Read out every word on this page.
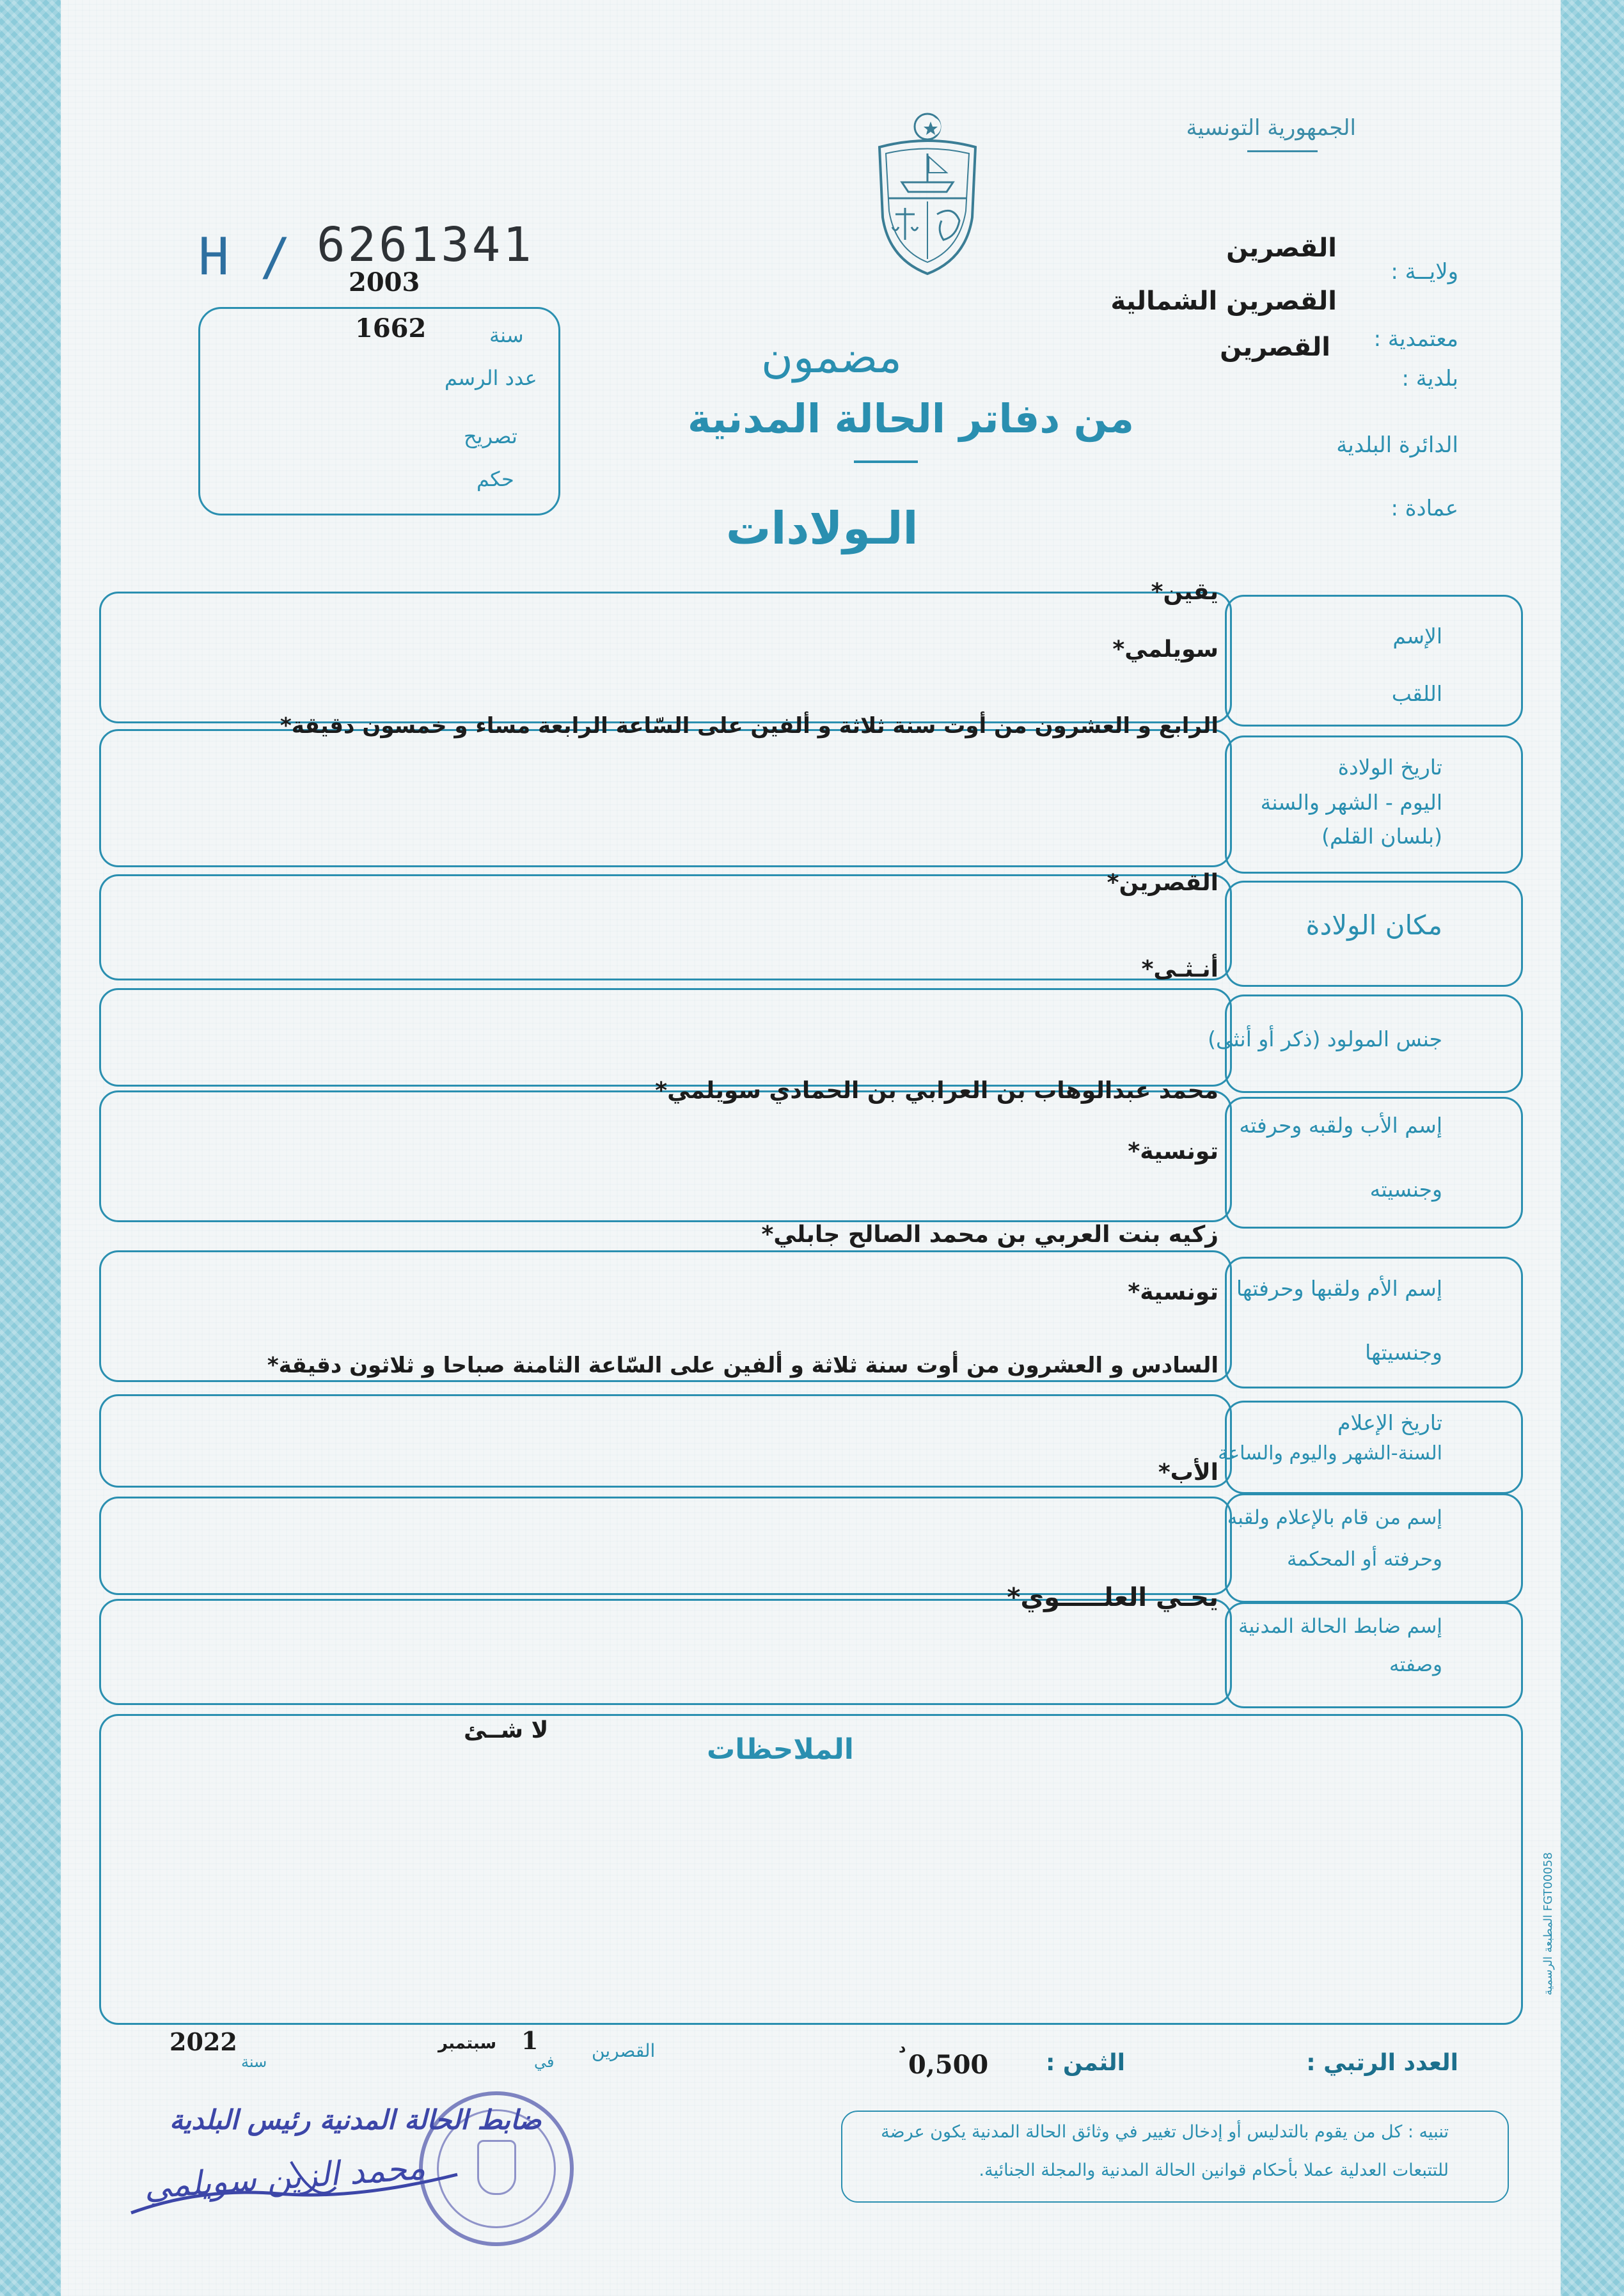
الجمهورية التونسية
ولايــة :
القصرين
القصرين الشمالية
معتمدية :
القصرين
بلدية :
الدائرة البلدية
عمادة :
H / 6261341
2003
سنة
1662
عدد الرسم
تصريح
حكم
مضمون
من دفاتر الحالة المدنية
الـولادات
الإسم
اللقب
يقين*
سويلمي*
تاريخ الولادة
اليوم - الشهر والسنة
(بلسان القلم)
الرابع و العشرون من أوت سنة ثلاثة و ألفين على السّاعة الرابعة مساء و خمسون دقيقة*
مكان الولادة
القصرين*
جنس المولود (ذكر أو أنثى)
أنـثـى*
إسم الأب ولقبه وحرفته
وجنسيته
محمد عبدالوهاب بن العرابي بن الحمادي سويلمي*
تونسية*
إسم الأم ولقبها وحرفتها
وجنسيتها
زكيه بنت العربي بن محمد الصالح جابلي*
تونسية*
تاريخ الإعلام
السنة-الشهر واليوم والساعة
السادس و العشرون من أوت سنة ثلاثة و ألفين على السّاعة الثامنة صباحا و ثلاثون دقيقة*
إسم من قام بالإعلام ولقبه
وحرفته أو المحكمة
الأب*
إسم ضابط الحالة المدنية
وصفته
يحـي العلـــــوي*
الملاحظات
لا شــئ
المطبعة الرسمية FGT00058
العدد الرتبي :
الثمن :
0,500
د
القصرين
1
في
سبتمبر
سنة
2022
تنبيه : كل من يقوم بالتدليس أو إدخال تغيير في وثائق الحالة المدنية يكون عرضة
للتتبعات العدلية عملا بأحكام قوانين الحالة المدنية والمجلة الجنائية.
ضابط الحالة المدنية رئيس البلدية
محمد الزين سويلمي
